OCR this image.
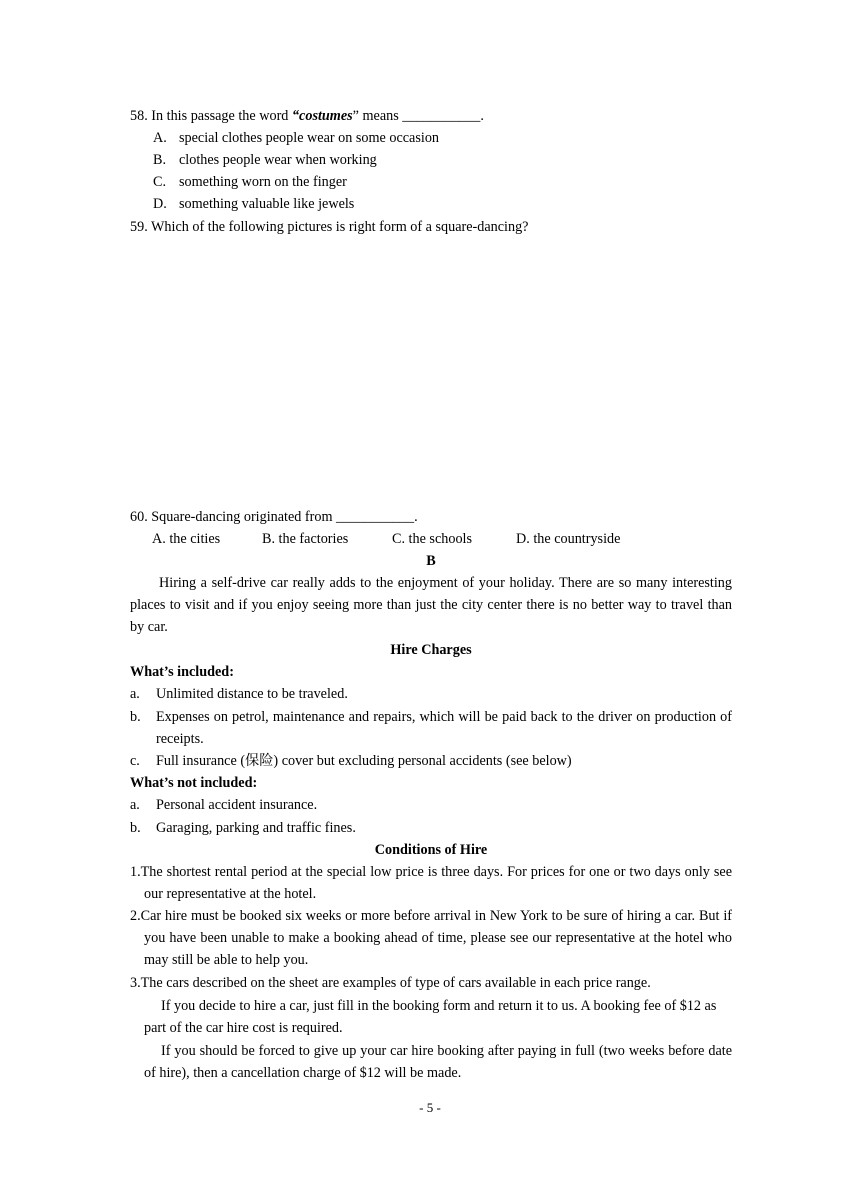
58. In this passage the word “costumes” means ___________.
A. special clothes people wear on some occasion
B. clothes people wear when working
C. something worn on the finger
D. something valuable like jewels
59. Which of the following pictures is right form of a square-dancing?
60. Square-dancing originated from ___________.
A. the cities	B. the factories	C. the schools	D. the countryside
B
Hiring a self-drive car really adds to the enjoyment of your holiday. There are so many interesting places to visit and if you enjoy seeing more than just the city center there is no better way to travel than by car.
Hire Charges
What’s included:
a. Unlimited distance to be traveled.
b. Expenses on petrol, maintenance and repairs, which will be paid back to the driver on production of receipts.
c. Full insurance (保险) cover but excluding personal accidents (see below)
What’s not included:
a. Personal accident insurance.
b. Garaging, parking and traffic fines.
Conditions of Hire
1.The shortest rental period at the special low price is three days. For prices for one or two days only see our representative at the hotel.
2.Car hire must be booked six weeks or more before arrival in New York to be sure of hiring a car. But if you have been unable to make a booking ahead of time, please see our representative at the hotel who may still be able to help you.
3.The cars described on the sheet are examples of type of cars available in each price range.
If you decide to hire a car, just fill in the booking form and return it to us. A booking fee of $12 as part of the car hire cost is required.
If you should be forced to give up your car hire booking after paying in full (two weeks before date of hire), then a cancellation charge of $12 will be made.
- 5 -
